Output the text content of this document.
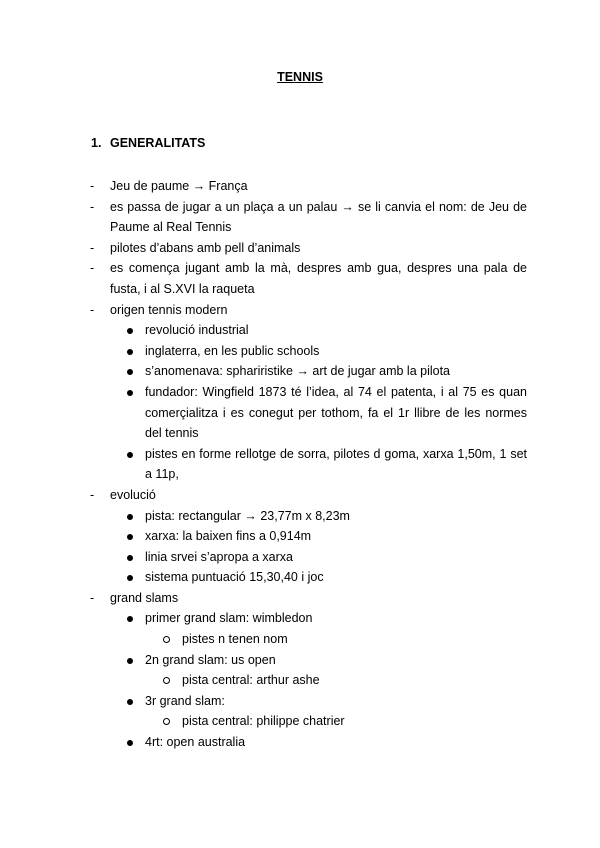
TENNIS
1. GENERALITATS
- Jeu de paume → França
- es passa de jugar a un plaça a un palau → se li canvia el nom: de Jeu de Paume al Real Tennis
- pilotes d’abans amb pell d’animals
- es comença jugant amb la mà, despres amb gua, despres una pala de fusta, i al S.XVI la raqueta
- origen tennis modern
revolució industrial
inglaterra, en les public schools
s’anomenava: sphariristike → art de jugar amb la pilota
fundador: Wingfield 1873 té l’idea, al 74 el patenta, i al 75 es quan comerçialitza i es conegut per tothom, fa el 1r llibre de les normes del tennis
pistes en forme rellotge de sorra, pilotes d goma, xarxa 1,50m, 1 set a 11p,
- evolució
pista: rectangular → 23,77m x 8,23m
xarxa: la baixen fins a 0,914m
linia srvei s’apropa a xarxa
sistema puntuació 15,30,40 i joc
- grand slams
primer grand slam: wimbledon
pistes n tenen nom
2n grand slam: us open
pista central: arthur ashe
3r grand slam:
pista central: philippe chatrier
4rt: open australia
